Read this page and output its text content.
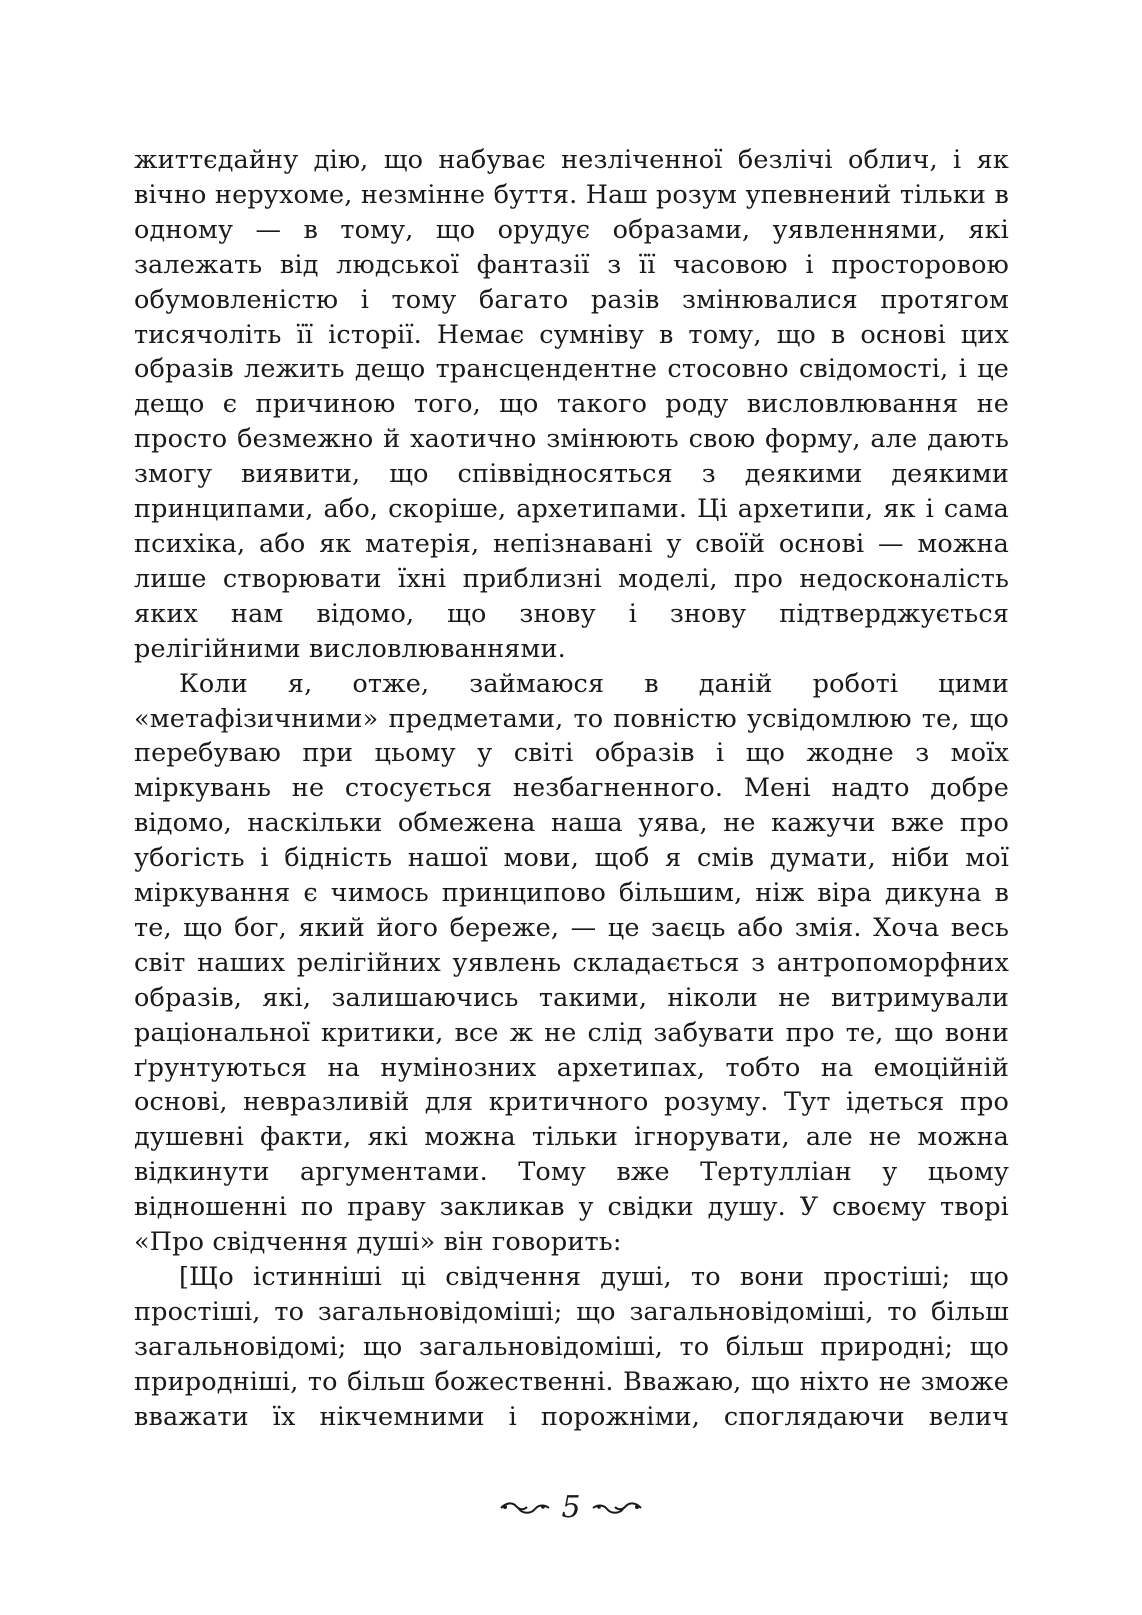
життєдайну дію, що набуває незліченної безлічі облич, і як вічно нерухоме, незмінне буття. Наш розум упевнений тільки в одному — в тому, що орудує образами, уявленнями, які залежать від людської фантазії з її часовою і просторовою обумовленістю і тому багато разів змінювалися протягом тисячоліть її історії. Немає сумніву в тому, що в основі цих образів лежить дещо трансцендентне стосовно свідомості, і це дещо є причиною того, що такого роду висловлювання не просто безмежно й хаотично змінюють свою форму, але дають змогу виявити, що співвідносяться з деякими деякими принципами, або, скоріше, архетипами. Ці архетипи, як і сама психіка, або як матерія, непізнавані у своїй основі — можна лише створювати їхні приблизні моделі, про недосконалість яких нам відомо, що знову і знову підтверджується релігійними висловлюваннями.

Коли я, отже, займаюся в даній роботі цими «метафізичними» предметами, то повністю усвідомлюю те, що перебуваю при цьому у світі образів і що жодне з моїх міркувань не стосується незбагненного. Мені надто добре відомо, наскільки обмежена наша уява, не кажучи вже про убогість і бідність нашої мови, щоб я смів думати, ніби мої міркування є чимось принципово більшим, ніж віра дикуна в те, що бог, який його береже, — це заєць або змія. Хоча весь світ наших релігійних уявлень складається з антропоморфних образів, які, залишаючись такими, ніколи не витримували раціональної критики, все ж не слід забувати про те, що вони ґрунтуються на нумінозних архетипах, тобто на емоційній основі, невразливій для критичного розуму. Тут ідеться про душевні факти, які можна тільки ігнорувати, але не можна відкинути аргументами. Тому вже Тертулліан у цьому відношенні по праву закликав у свідки душу. У своєму творі «Про свідчення душі» він говорить:

[Що істинніші ці свідчення душі, то вони простіші; що простіші, то загальновідоміші; що загальновідоміші, то більш загальновідомі; що загальновідоміші, то більш природні; що природніші, то більш божественні. Вважаю, що ніхто не зможе вважати їх нікчемними і порожніми, споглядаючи велич

5
